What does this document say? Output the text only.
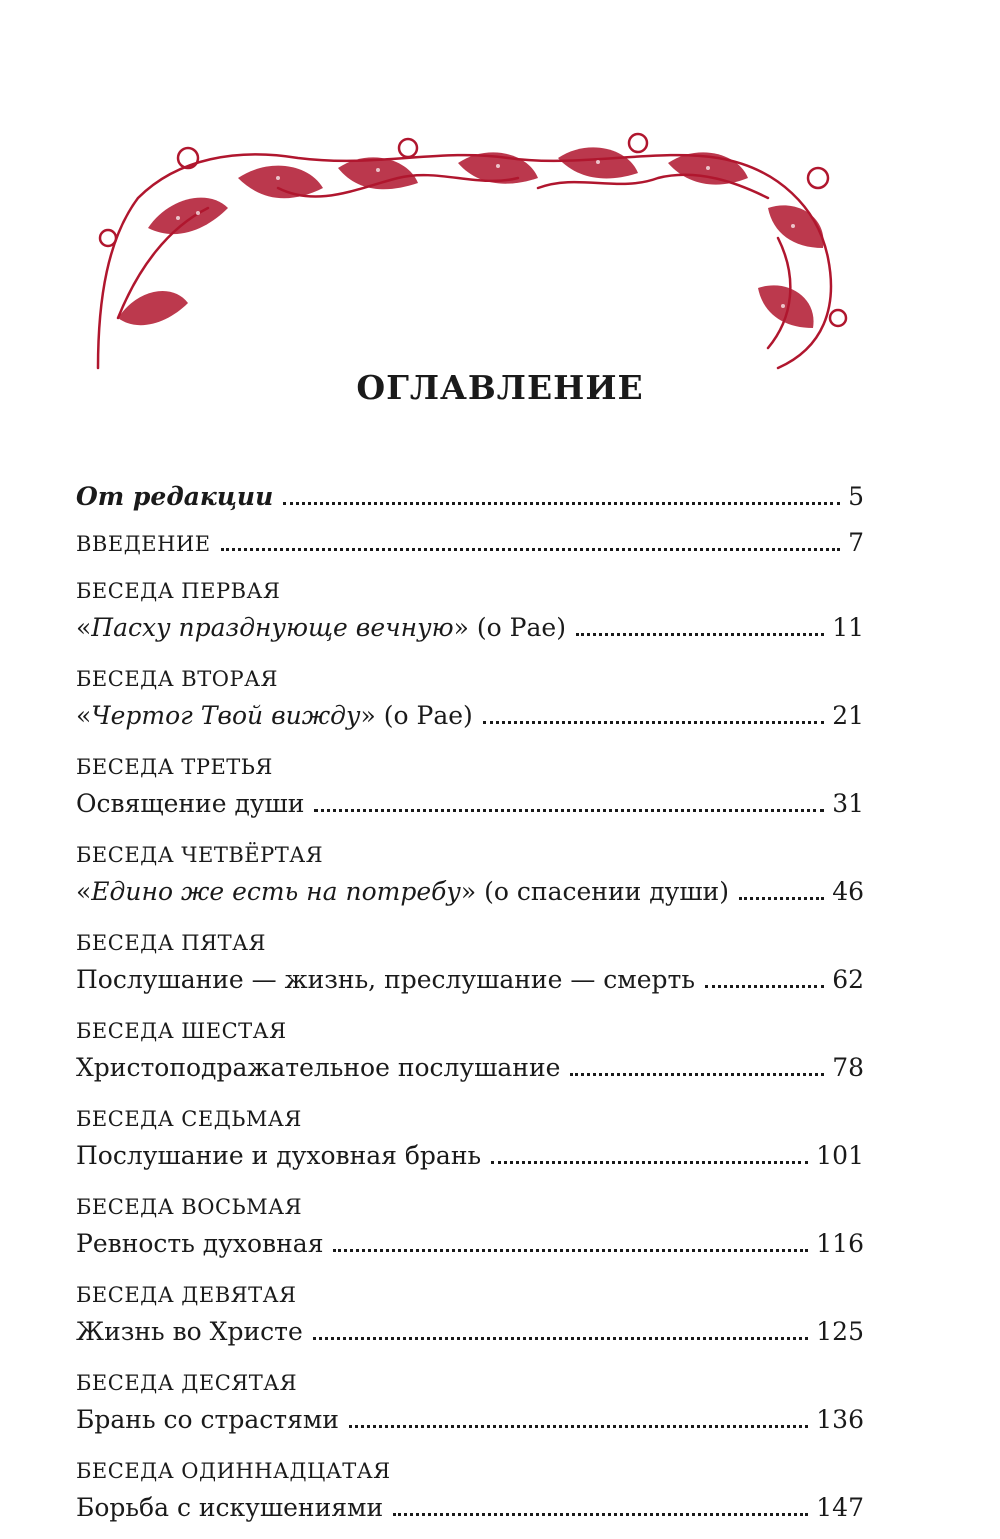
ОГЛАВЛЕНИЕ
От редакции	5
ВВЕДЕНИЕ	7
БЕСЕДА ПЕРВАЯ
«Пасху празднующе вечную» (о Рае)	11
БЕСЕДА ВТОРАЯ
«Чертог Твой вижду» (о Рае)	21
БЕСЕДА ТРЕТЬЯ
Освящение души	31
БЕСЕДА ЧЕТВЁРТАЯ
«Едино же есть на потребу» (о спасении души)	46
БЕСЕДА ПЯТАЯ
Послушание — жизнь, преслушание — смерть	62
БЕСЕДА ШЕСТАЯ
Христоподражательное послушание	78
БЕСЕДА СЕДЬМАЯ
Послушание и духовная брань	101
БЕСЕДА ВОСЬМАЯ
Ревность духовная	116
БЕСЕДА ДЕВЯТАЯ
Жизнь во Христе	125
БЕСЕДА ДЕСЯТАЯ
Брань со страстями	136
БЕСЕДА ОДИННАДЦАТАЯ
Борьба с искушениями	147
